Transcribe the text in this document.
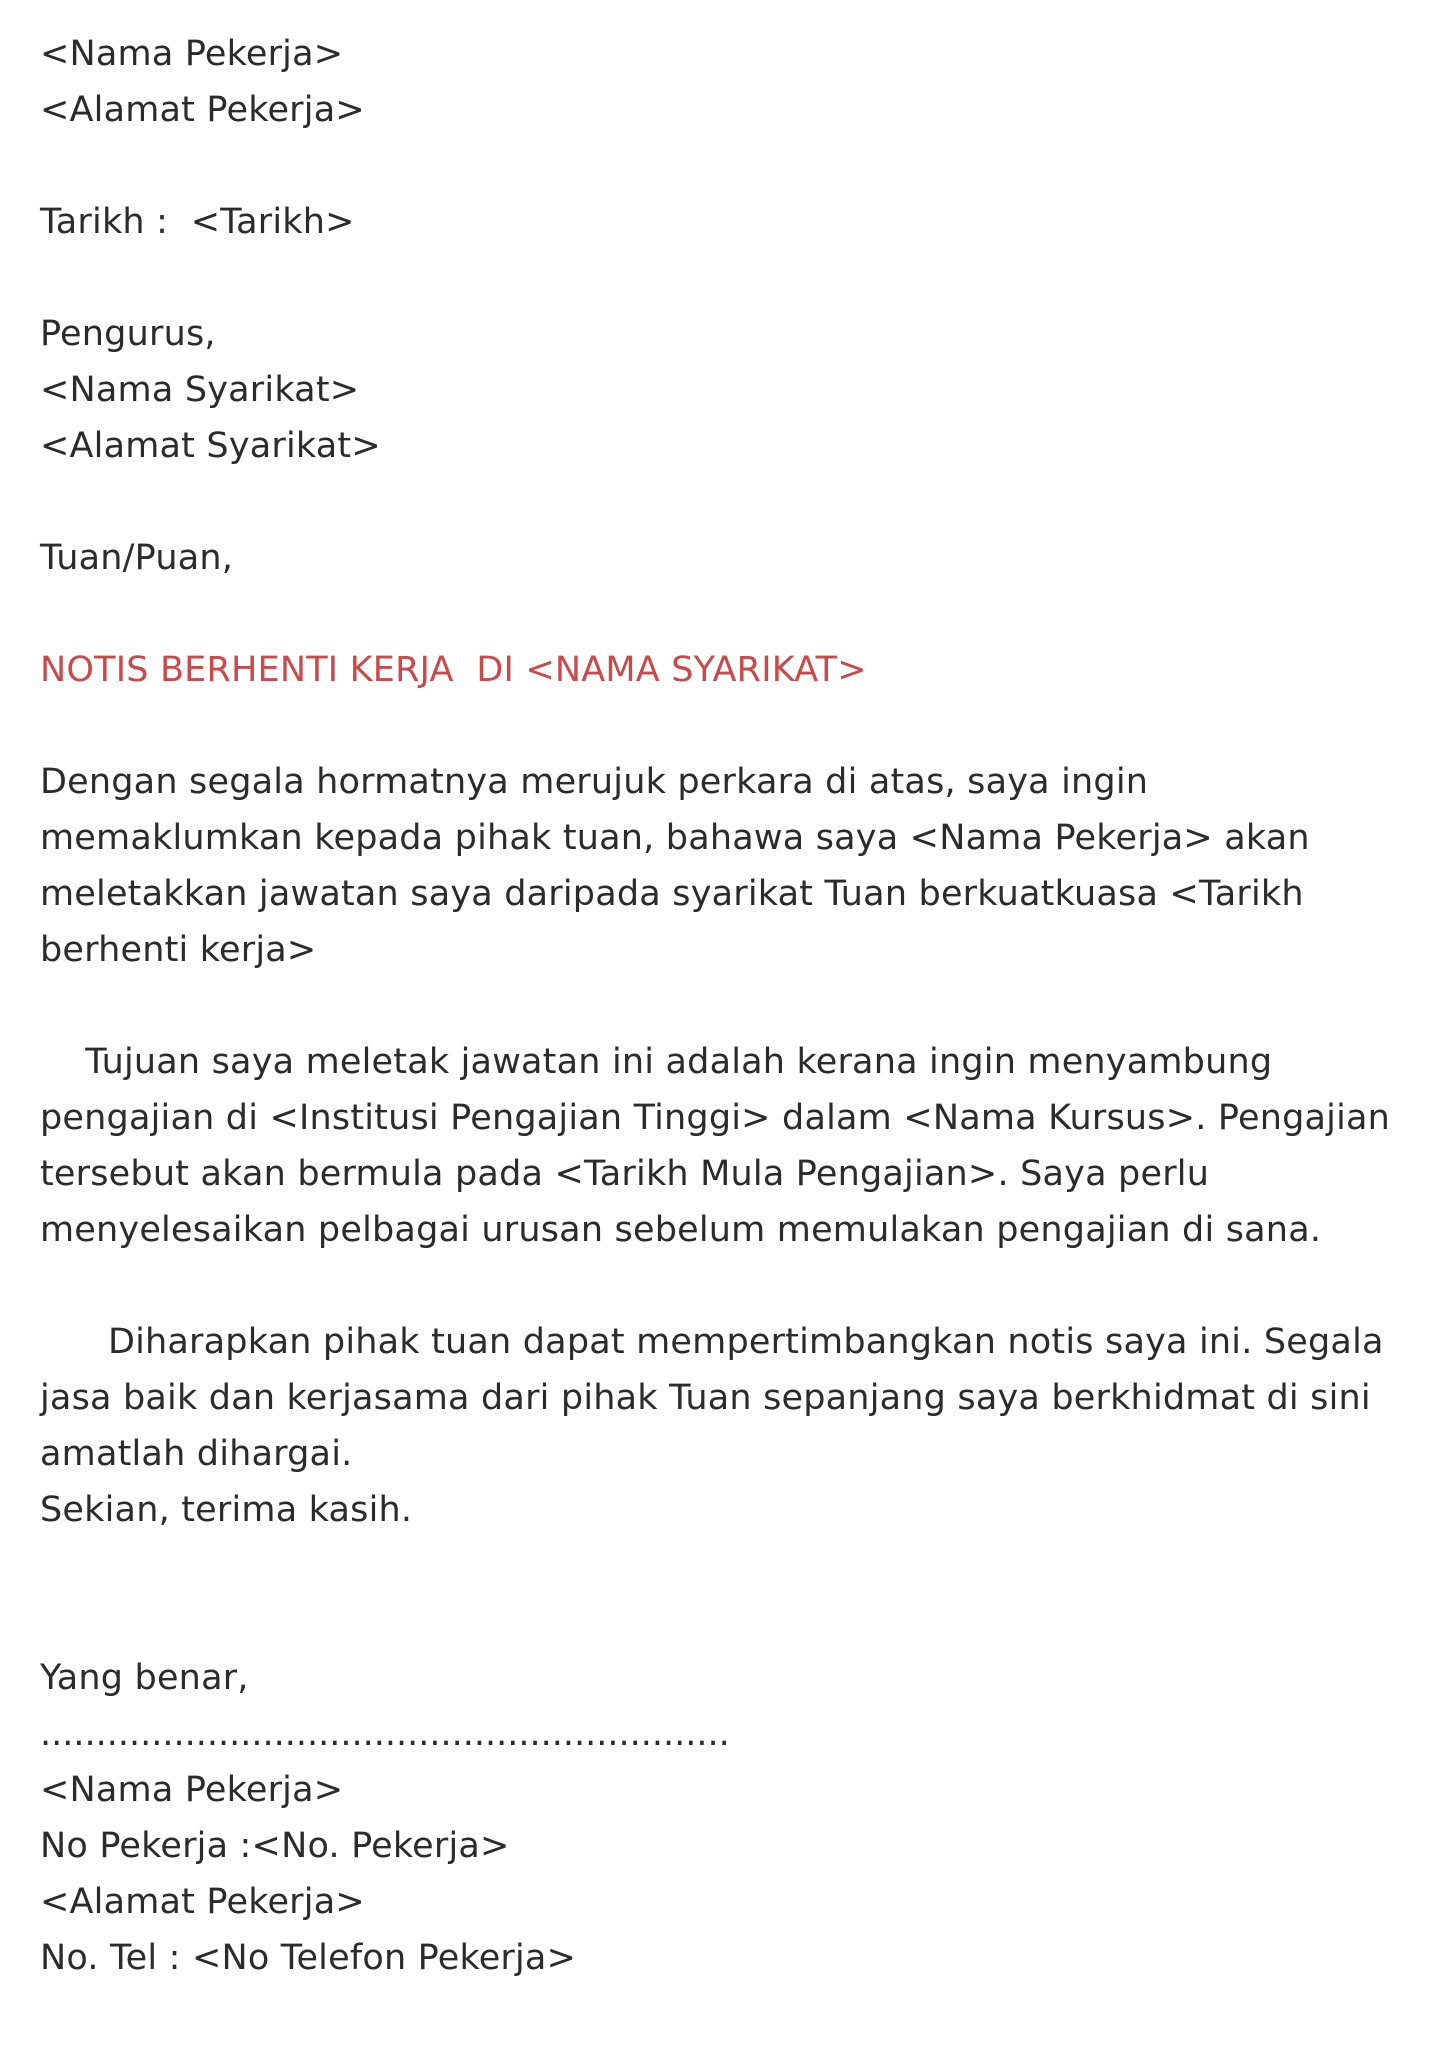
<Nama Pekerja>
<Alamat Pekerja>
Tarikh :  <Tarikh>
Pengurus,
<Nama Syarikat>
<Alamat Syarikat>
Tuan/Puan,
NOTIS BERHENTI KERJA  DI <NAMA SYARIKAT>
Dengan segala hormatnya merujuk perkara di atas, saya ingin
memaklumkan kepada pihak tuan, bahawa saya <Nama Pekerja> akan
meletakkan jawatan saya daripada syarikat Tuan berkuatkuasa <Tarikh
berhenti kerja>
Tujuan saya meletak jawatan ini adalah kerana ingin menyambung
pengajian di <Institusi Pengajian Tinggi> dalam <Nama Kursus>. Pengajian
tersebut akan bermula pada <Tarikh Mula Pengajian>. Saya perlu
menyelesaikan pelbagai urusan sebelum memulakan pengajian di sana.
Diharapkan pihak tuan dapat mempertimbangkan notis saya ini. Segala
jasa baik dan kerjasama dari pihak Tuan sepanjang saya berkhidmat di sini
amatlah dihargai.
Sekian, terima kasih.
Yang benar,
..............................................................
<Nama Pekerja>
No Pekerja :<No. Pekerja>
<Alamat Pekerja>
No. Tel : <No Telefon Pekerja>
